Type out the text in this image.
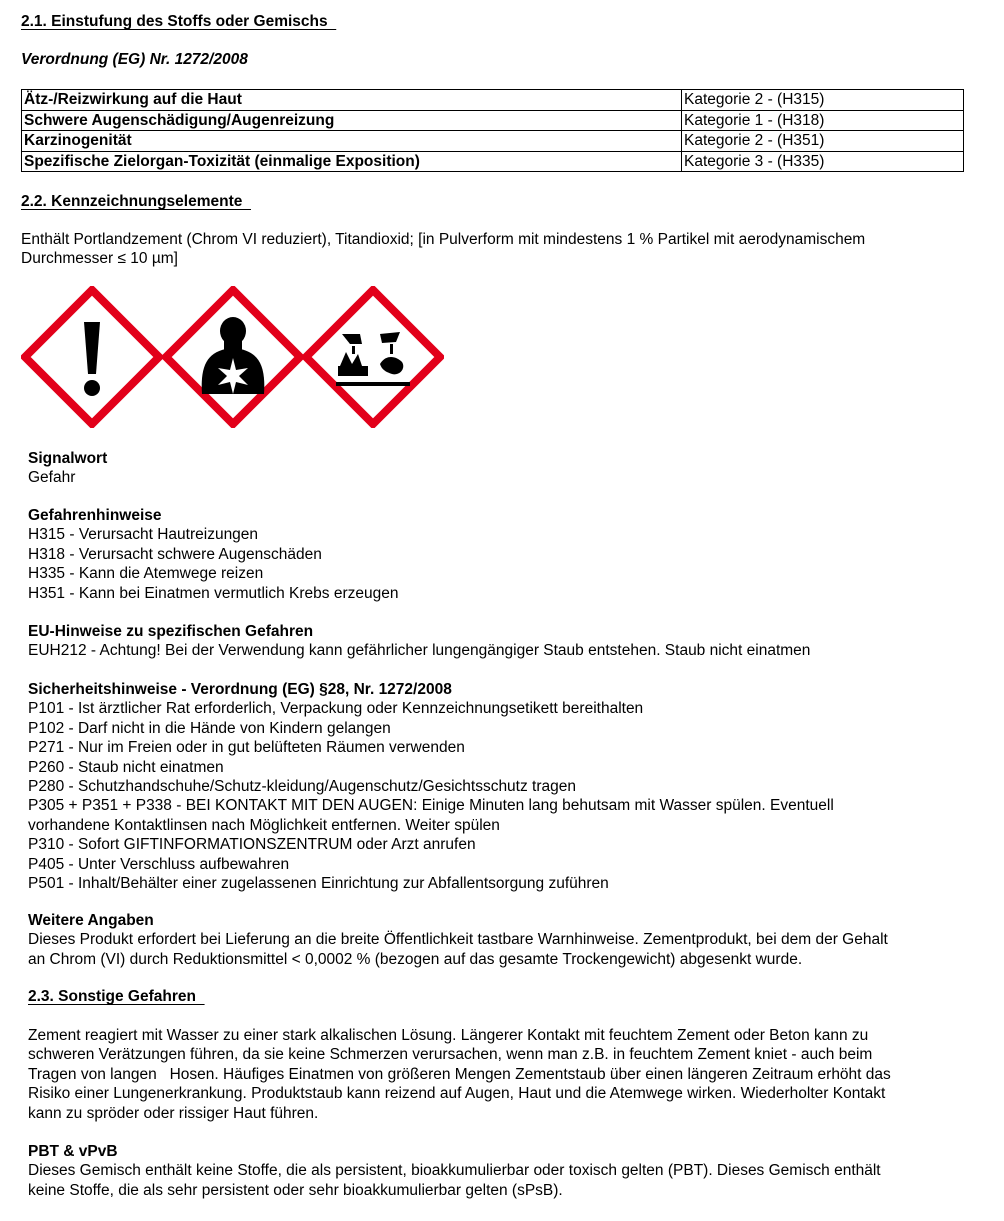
2.1. Einstufung des Stoffs oder Gemischs
Verordnung (EG) Nr. 1272/2008
Ätz-/Reizwirkung auf die Haut	Kategorie 2 - (H315)
Schwere Augenschädigung/Augenreizung	Kategorie 1 - (H318)
Karzinogenität	Kategorie 2 - (H351)
Spezifische Zielorgan-Toxizität (einmalige Exposition)	Kategorie 3 - (H335)
2.2. Kennzeichnungselemente
Enthält Portlandzement (Chrom VI reduziert), Titandioxid; [in Pulverform mit mindestens 1 % Partikel mit aerodynamischem
Durchmesser ≤ 10 µm]
Signalwort
Gefahr
Gefahrenhinweise
H315 - Verursacht Hautreizungen
H318 - Verursacht schwere Augenschäden
H335 - Kann die Atemwege reizen
H351 - Kann bei Einatmen vermutlich Krebs erzeugen
EU-Hinweise zu spezifischen Gefahren
EUH212 - Achtung! Bei der Verwendung kann gefährlicher lungengängiger Staub entstehen. Staub nicht einatmen
Sicherheitshinweise - Verordnung (EG) §28, Nr. 1272/2008
P101 - Ist ärztlicher Rat erforderlich, Verpackung oder Kennzeichnungsetikett bereithalten
P102 - Darf nicht in die Hände von Kindern gelangen
P271 - Nur im Freien oder in gut belüfteten Räumen verwenden
P260 - Staub nicht einatmen
P280 - Schutzhandschuhe/Schutz-kleidung/Augenschutz/Gesichtsschutz tragen
P305 + P351 + P338 - BEI KONTAKT MIT DEN AUGEN: Einige Minuten lang behutsam mit Wasser spülen. Eventuell
vorhandene Kontaktlinsen nach Möglichkeit entfernen. Weiter spülen
P310 - Sofort GIFTINFORMATIONSZENTRUM oder Arzt anrufen
P405 - Unter Verschluss aufbewahren
P501 - Inhalt/Behälter einer zugelassenen Einrichtung zur Abfallentsorgung zuführen
Weitere Angaben
Dieses Produkt erfordert bei Lieferung an die breite Öffentlichkeit tastbare Warnhinweise. Zementprodukt, bei dem der Gehalt
an Chrom (VI) durch Reduktionsmittel < 0,0002 % (bezogen auf das gesamte Trockengewicht) abgesenkt wurde.
2.3. Sonstige Gefahren
Zement reagiert mit Wasser zu einer stark alkalischen Lösung. Längerer Kontakt mit feuchtem Zement oder Beton kann zu
schweren Verätzungen führen, da sie keine Schmerzen verursachen, wenn man z.B. in feuchtem Zement kniet - auch beim
Tragen von langen   Hosen. Häufiges Einatmen von größeren Mengen Zementstaub über einen längeren Zeitraum erhöht das
Risiko einer Lungenerkrankung. Produktstaub kann reizend auf Augen, Haut und die Atemwege wirken. Wiederholter Kontakt
kann zu spröder oder rissiger Haut führen.
PBT & vPvB
Dieses Gemisch enthält keine Stoffe, die als persistent, bioakkumulierbar oder toxisch gelten (PBT). Dieses Gemisch enthält
keine Stoffe, die als sehr persistent oder sehr bioakkumulierbar gelten (sPsB).
